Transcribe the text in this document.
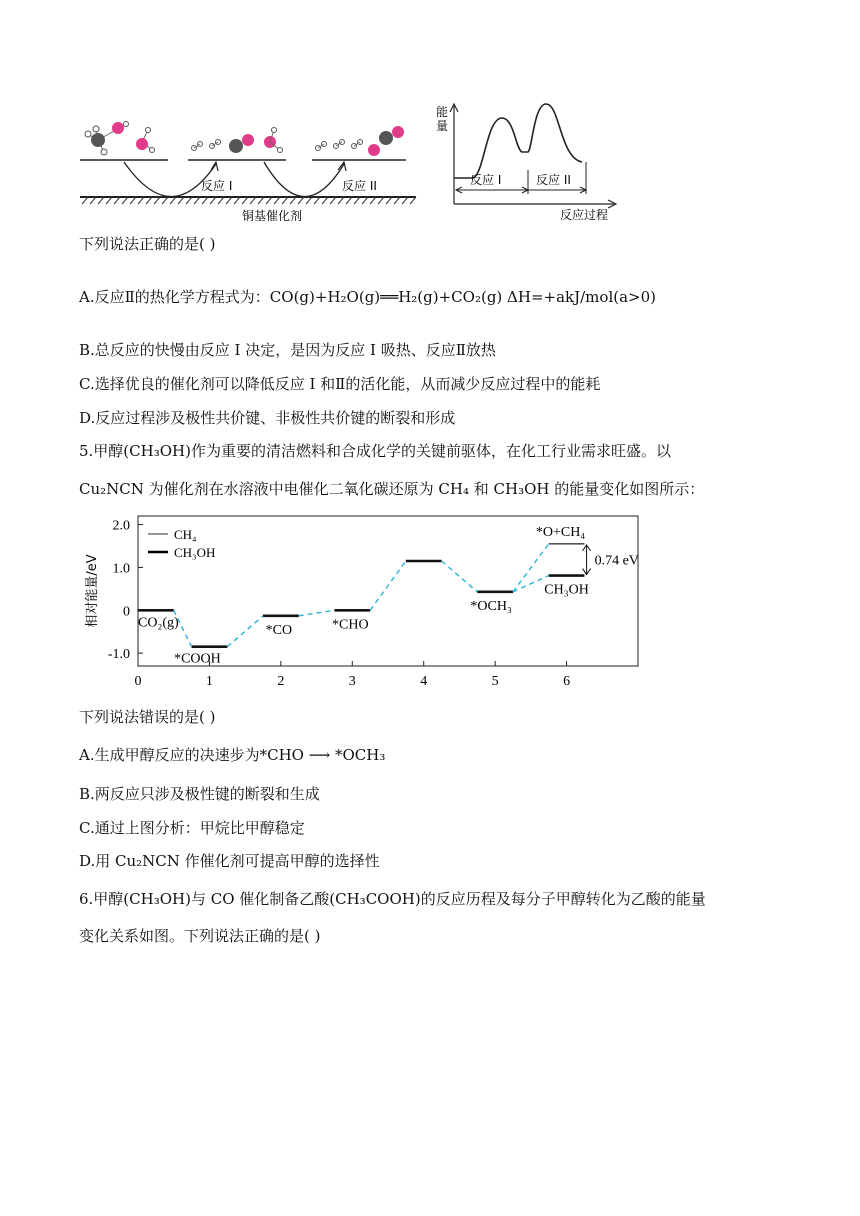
反应 I	反应 II
铜基催化剂
能
量
反应 I	反应 II
反应过程
下列说法正确的是( )
A.反应Ⅱ的热化学方程式为：CO(g)+H₂O(g)══H₂(g)+CO₂(g) ΔH=+akJ/mol(a>0)
B.总反应的快慢由反应 I 决定，是因为反应 I 吸热、反应Ⅱ放热
C.选择优良的催化剂可以降低反应 I 和Ⅱ的活化能，从而减少反应过程中的能耗
D.反应过程涉及极性共价键、非极性共价键的断裂和形成
5.甲醇(CH₃OH)作为重要的清洁燃料和合成化学的关键前驱体，在化工行业需求旺盛。以
Cu₂NCN 为催化剂在水溶液中电催化二氧化碳还原为 CH₄ 和 CH₃OH 的能量变化如图所示：
2.0
1.0
0
-1.0
0	1	2	3	4	5	6
相对能量/eV	CO₂(g)
*COOH
*CO	*CHO
*OCH₃
*O+CH₄
CH₃OH
0.74 eV
CH₄
CH₃OH
下列说法错误的是( )
A.生成甲醇反应的决速步为*CHO ⟶ *OCH₃
B.两反应只涉及极性键的断裂和生成
C.通过上图分析：甲烷比甲醇稳定
D.用 Cu₂NCN 作催化剂可提高甲醇的选择性
6.甲醇(CH₃OH)与 CO 催化制备乙酸(CH₃COOH)的反应历程及每分子甲醇转化为乙酸的能量
变化关系如图。下列说法正确的是( )
